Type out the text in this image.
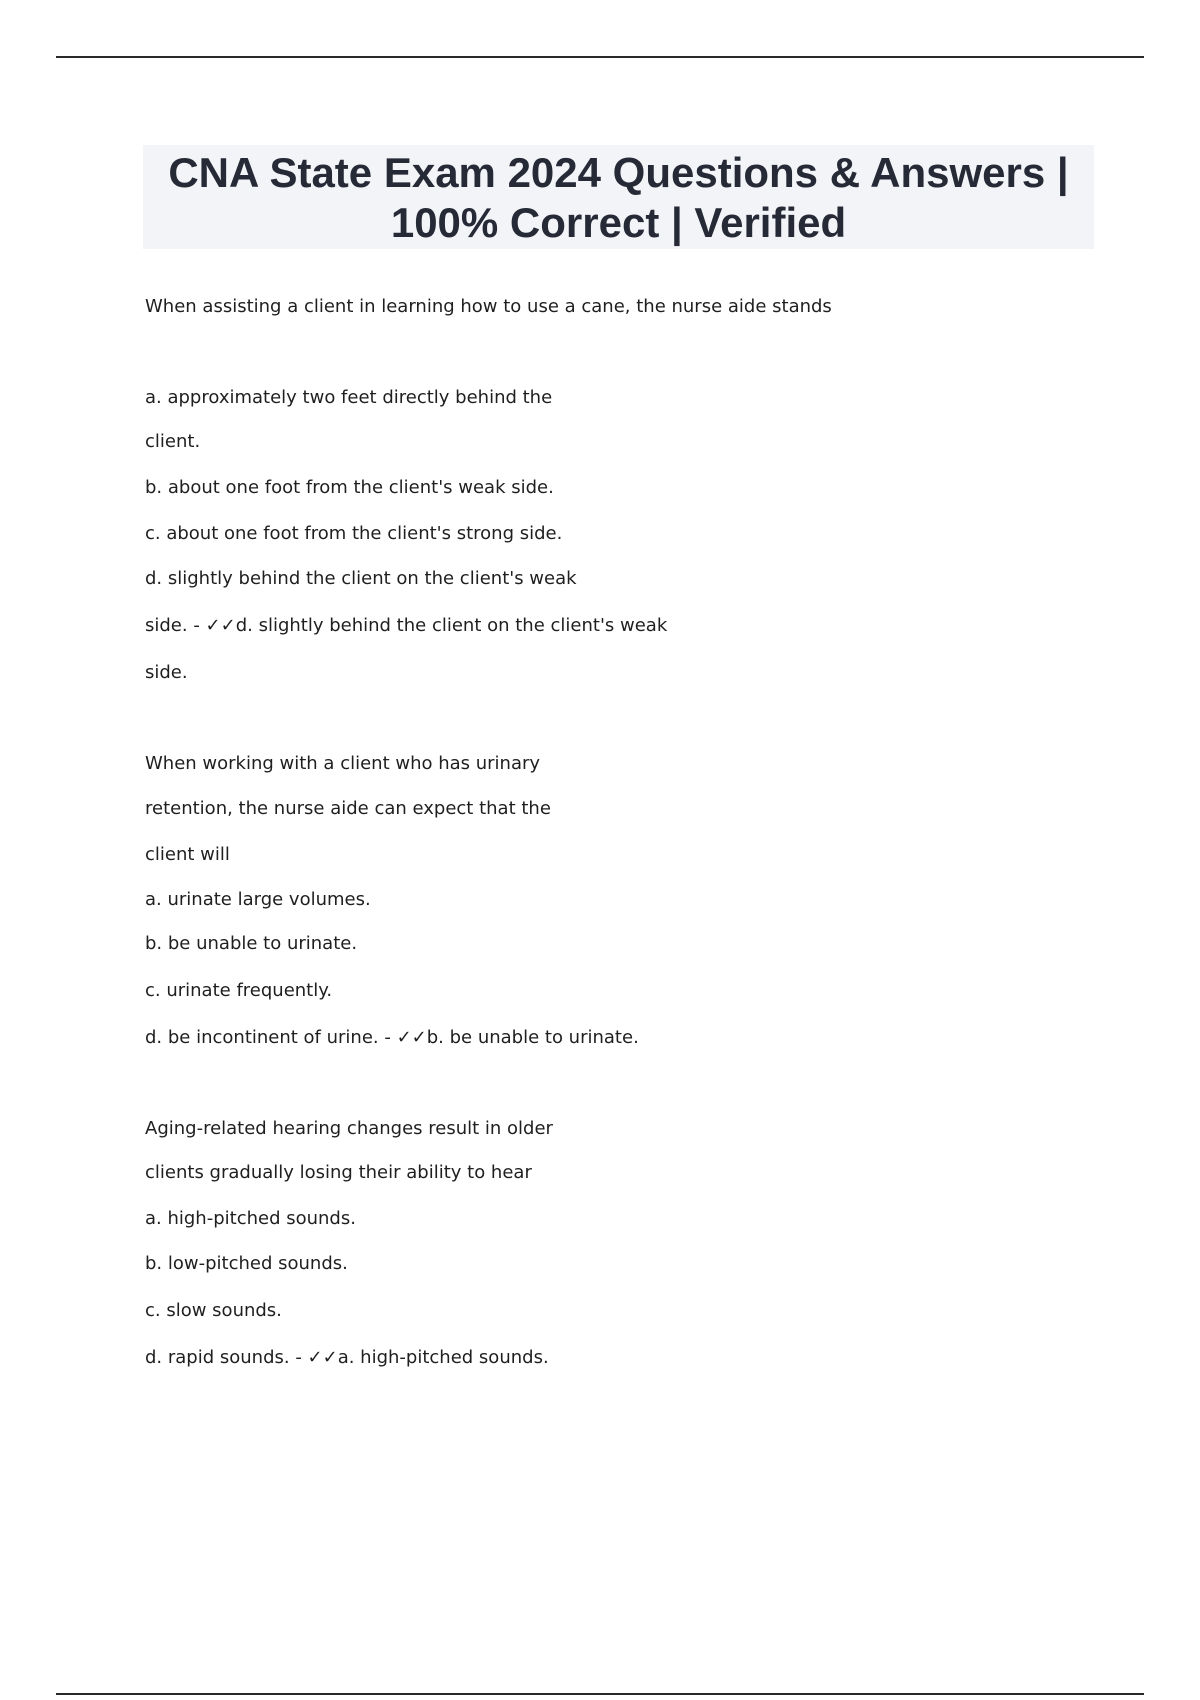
CNA State Exam 2024 Questions & Answers | 100% Correct | Verified
When assisting a client in learning how to use a cane, the nurse aide stands
a. approximately two feet directly behind the
client.
b. about one foot from the client's weak side.
c. about one foot from the client's strong side.
d. slightly behind the client on the client's weak
side. - ✓✓d. slightly behind the client on the client's weak
side.
When working with a client who has urinary
retention, the nurse aide can expect that the
client will
a. urinate large volumes.
b. be unable to urinate.
c. urinate frequently.
d. be incontinent of urine. - ✓✓b. be unable to urinate.
Aging-related hearing changes result in older
clients gradually losing their ability to hear
a. high-pitched sounds.
b. low-pitched sounds.
c. slow sounds.
d. rapid sounds. - ✓✓a. high-pitched sounds.
